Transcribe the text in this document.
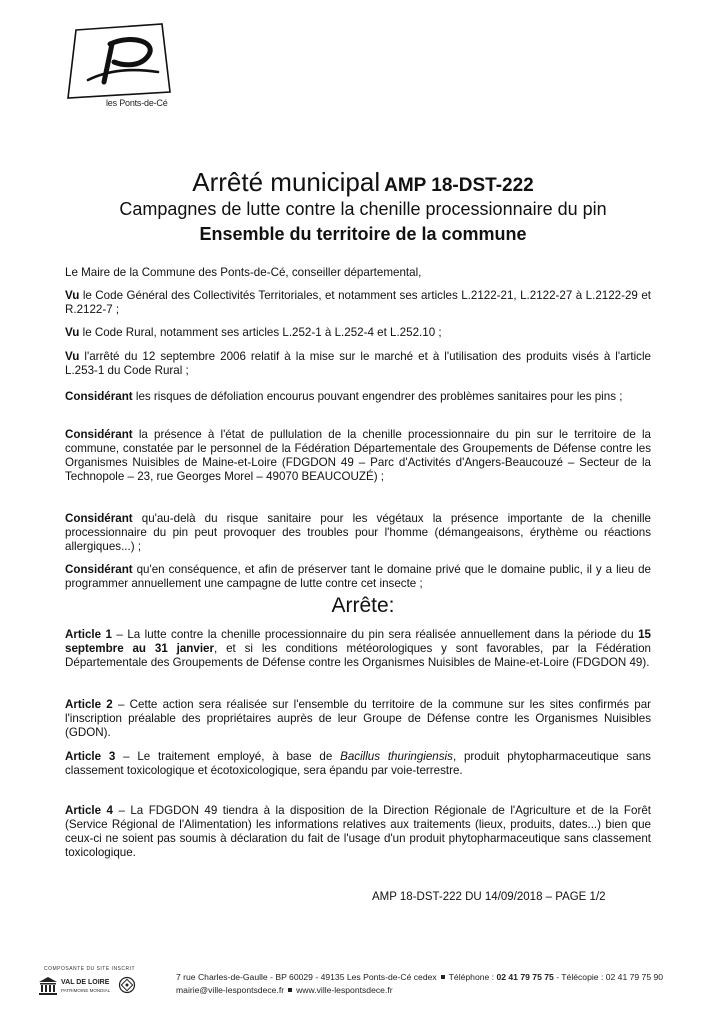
les Ponts-de-Cé
Arrêté municipal AMP 18-DST-222
Campagnes de lutte contre la chenille processionnaire du pin
Ensemble du territoire de la commune

Le Maire de la Commune des Ponts-de-Cé, conseiller départemental,

Vu le Code Général des Collectivités Territoriales, et notamment ses articles L.2122-21, L.2122-27 à L.2122-29 et R.2122-7 ;

Vu le Code Rural, notamment ses articles L.252-1 à L.252-4 et L.252.10 ;

Vu l'arrêté du 12 septembre 2006 relatif à la mise sur le marché et à l'utilisation des produits visés à l'article L.253-1 du Code Rural ;

Considérant les risques de défoliation encourus pouvant engendrer des problèmes sanitaires pour les pins ;

Considérant la présence à l'état de pullulation de la chenille processionnaire du pin sur le territoire de la commune, constatée par le personnel de la Fédération Départementale des Groupements de Défense contre les Organismes Nuisibles de Maine-et-Loire (FDGDON 49 – Parc d'Activités d'Angers-Beaucouzé – Secteur de la Technopole – 23, rue Georges Morel – 49070 BEAUCOUZÉ) ;

Considérant qu'au-delà du risque sanitaire pour les végétaux la présence importante de la chenille processionnaire du pin peut provoquer des troubles pour l'homme (démangeaisons, érythème ou réactions allergiques...) ;

Considérant qu'en conséquence, et afin de préserver tant le domaine privé que le domaine public, il y a lieu de programmer annuellement une campagne de lutte contre cet insecte ;

Arrête:

Article 1 – La lutte contre la chenille processionnaire du pin sera réalisée annuellement dans la période du 15 septembre au 31 janvier, et si les conditions météorologiques y sont favorables, par la Fédération Départementale des Groupements de Défense contre les Organismes Nuisibles de Maine-et-Loire (FDGDON 49).

Article 2 – Cette action sera réalisée sur l'ensemble du territoire de la commune sur les sites confirmés par l'inscription préalable des propriétaires auprès de leur Groupe de Défense contre les Organismes Nuisibles (GDON).

Article 3 – Le traitement employé, à base de Bacillus thuringiensis, produit phytopharmaceutique sans classement toxicologique et écotoxicologique, sera épandu par voie-terrestre.

Article 4 – La FDGDON 49 tiendra à la disposition de la Direction Régionale de l'Agriculture et de la Forêt (Service Régional de l'Alimentation) les informations relatives aux traitements (lieux, produits, dates...) bien que ceux-ci ne soient pas soumis à déclaration du fait de l'usage d'un produit phytopharmaceutique sans classement toxicologique.

AMP 18-DST-222 DU 14/09/2018 – PAGE 1/2
COMPOSANTE DU SITE INSCRIT
VAL DE LOIRE
PATRIMOINE MONDIAL
7 rue Charles-de-Gaulle - BP 60029 - 49135 Les Ponts-de-Cé cedex Téléphone : 02 41 79 75 75 - Télécopie : 02 41 79 75 90
mairie@ville-lespontsdece.fr www.ville-lespontsdece.fr
